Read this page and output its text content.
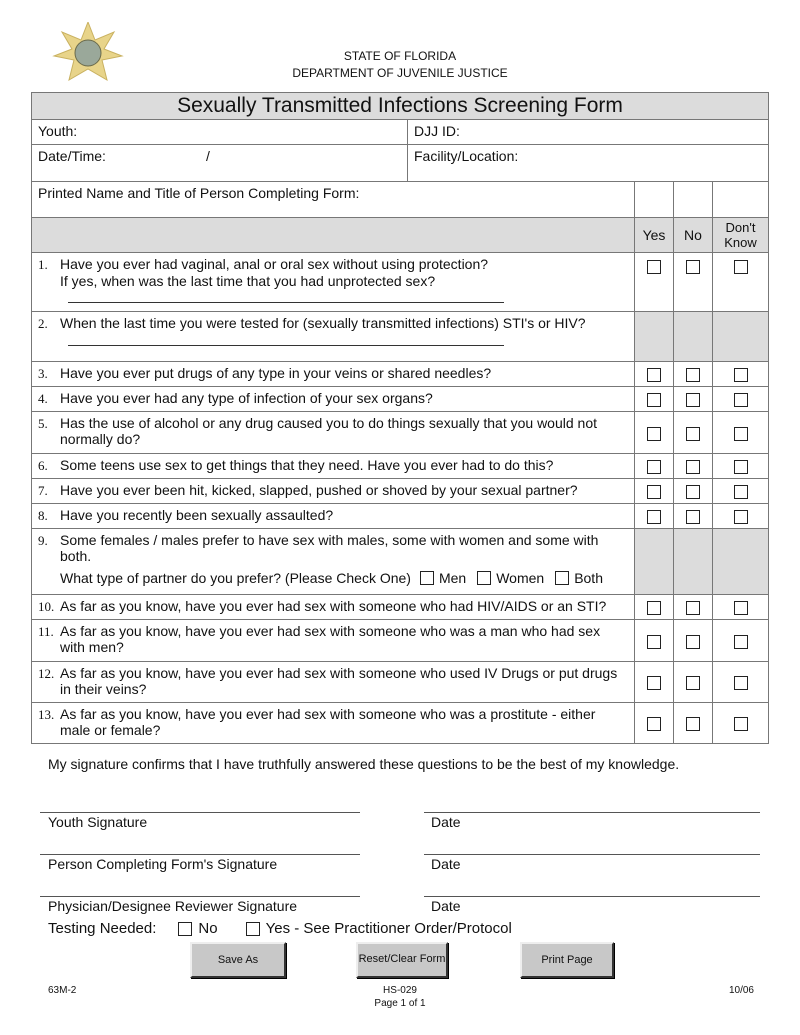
STATE OF FLORIDA
DEPARTMENT OF JUVENILE JUSTICE
Sexually Transmitted Infections Screening Form				
Youth:	DJJ ID:			
Date/Time: /	Facility/Location:			
Printed Name and Title of Person Completing Form:				
		Yes	No	Don't Know
1. Have you ever had vaginal, anal or oral sex without using protection?
If yes, when was the last time that you had unprotected sex?				

2. When the last time you were tested for (sexually transmitted infections) STI's or HIV?	

3. Have you ever put drugs of any type in your veins or shared needles?				
4. Have you ever had any type of infection of your sex organs?				
5. Has the use of alcohol or any drug caused you to do things sexually that you would not normally do?				
6. Some teens use sex to get things that they need. Have you ever had to do this?				
7. Have you ever been hit, kicked, slapped, pushed or shoved by your sexual partner?				
8. Have you recently been sexually assaulted?				
9. Some females / males prefer to have sex with males, some with women and some with both.
What type of partner do you prefer? (Please Check One) Men Women Both				

10. As far as you know, have you ever had sex with someone who had HIV/AIDS or an STI?				
11. As far as you know, have you ever had sex with someone who was a man who had sex with men?				
12. As far as you know, have you ever had sex with someone who used IV Drugs or put drugs in their veins?				
13. As far as you know, have you ever had sex with someone who was a prostitute - either male or female?				
My signature confirms that I have truthfully answered these questions to be the best of my knowledge.
Youth Signature	Date
Person Completing Form's Signature	Date
Physician/Designee Reviewer Signature	Date
Testing Needed:	No	Yes - See Practitioner Order/Protocol
Save As	Reset/Clear Form	Print Page
63M-2	HS-029
Page 1 of 1
10/06
